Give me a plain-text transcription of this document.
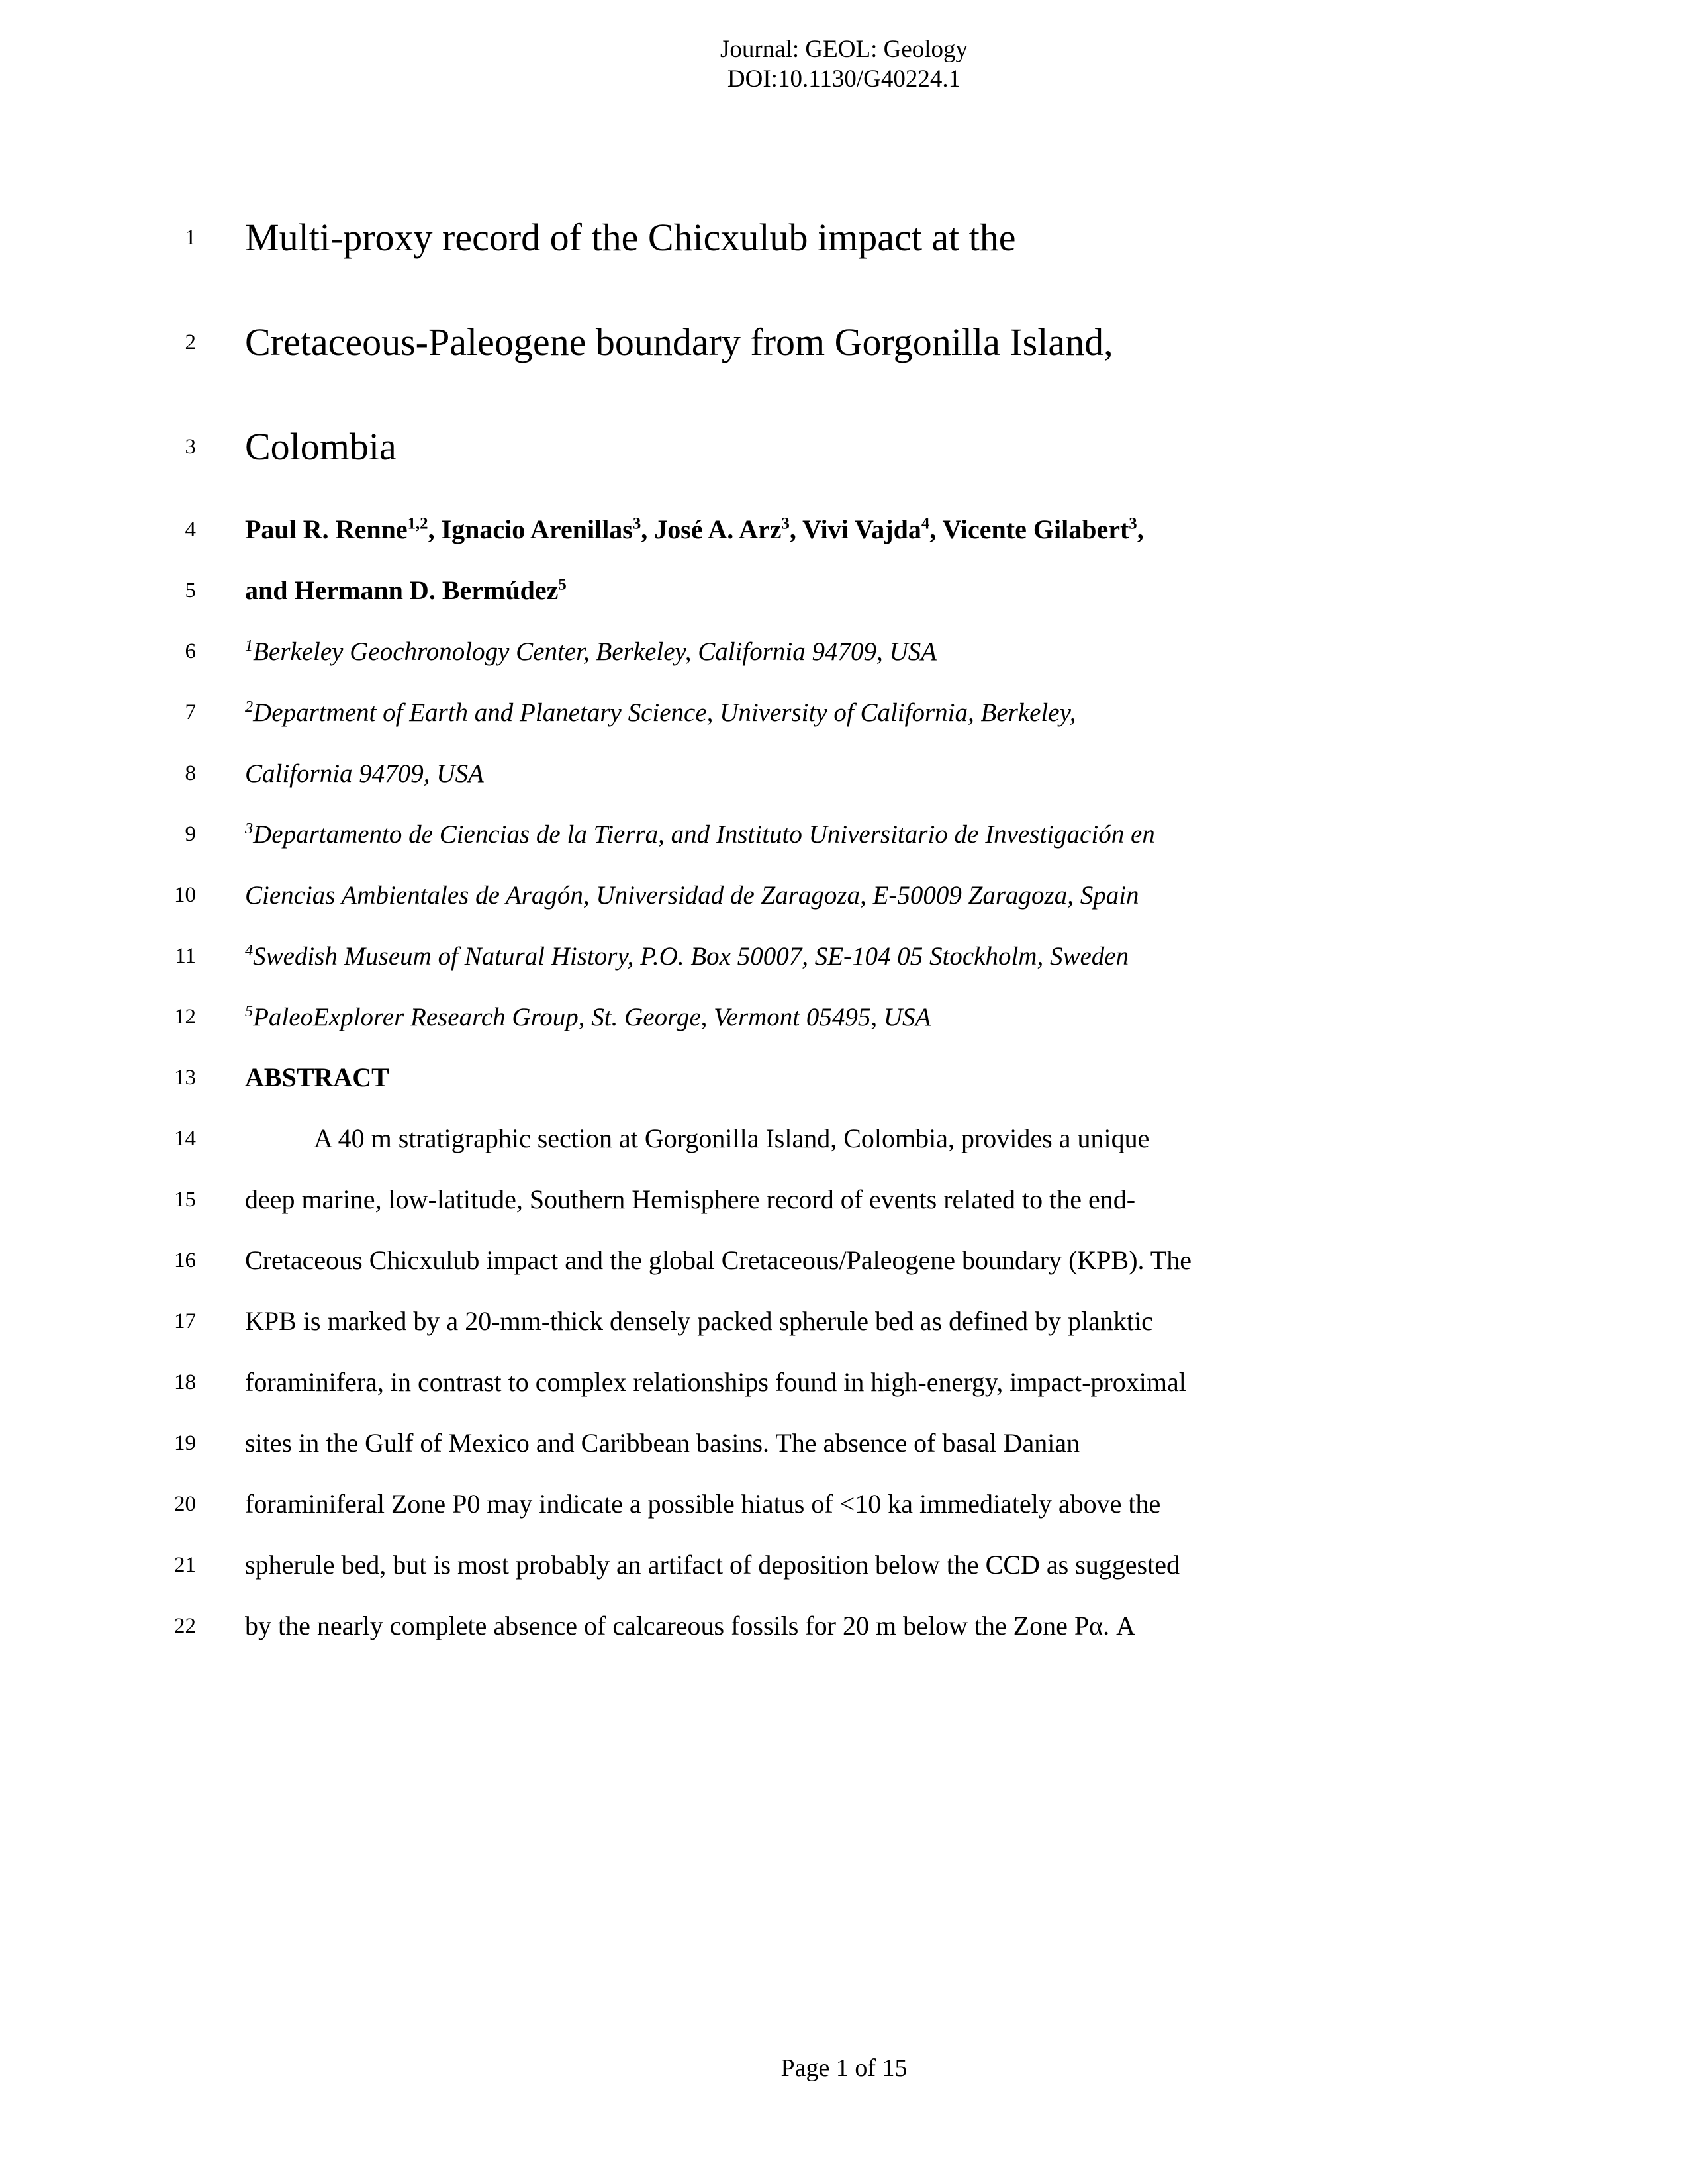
Journal: GEOL: Geology
DOI:10.1130/G40224.1
1	Multi-proxy record of the Chicxulub impact at the
2	Cretaceous-Paleogene boundary from Gorgonilla Island,
3	Colombia
4	Paul R. Renne$^{1,2}$, Ignacio Arenillas$^3$, José A. Arz$^3$, Vivi Vajda$^4$, Vicente Gilabert$^3$,
5	and Hermann D. Bermúdez$^5$
6	$^1$Berkeley Geochronology Center, Berkeley, California 94709, USA
7	$^2$Department of Earth and Planetary Science, University of California, Berkeley,
8	California 94709, USA
9	$^3$Departamento de Ciencias de la Tierra, and Instituto Universitario de Investigación en
10	Ciencias Ambientales de Aragón, Universidad de Zaragoza, E-50009 Zaragoza, Spain
11	$^4$Swedish Museum of Natural History, P.O. Box 50007, SE-104 05 Stockholm, Sweden
12	$^5$PaleoExplorer Research Group, St. George, Vermont 05495, USA
13	ABSTRACT
14	A 40 m stratigraphic section at Gorgonilla Island, Colombia, provides a unique
15	deep marine, low-latitude, Southern Hemisphere record of events related to the end-
16	Cretaceous Chicxulub impact and the global Cretaceous/Paleogene boundary (KPB). The
17	KPB is marked by a 20-mm-thick densely packed spherule bed as defined by planktic
18	foraminifera, in contrast to complex relationships found in high-energy, impact-proximal
19	sites in the Gulf of Mexico and Caribbean basins. The absence of basal Danian
20	foraminiferal Zone P0 may indicate a possible hiatus of <10 ka immediately above the
21	spherule bed, but is most probably an artifact of deposition below the CCD as suggested
22	by the nearly complete absence of calcareous fossils for 20 m below the Zone Pα. A
Page 1 of 15
